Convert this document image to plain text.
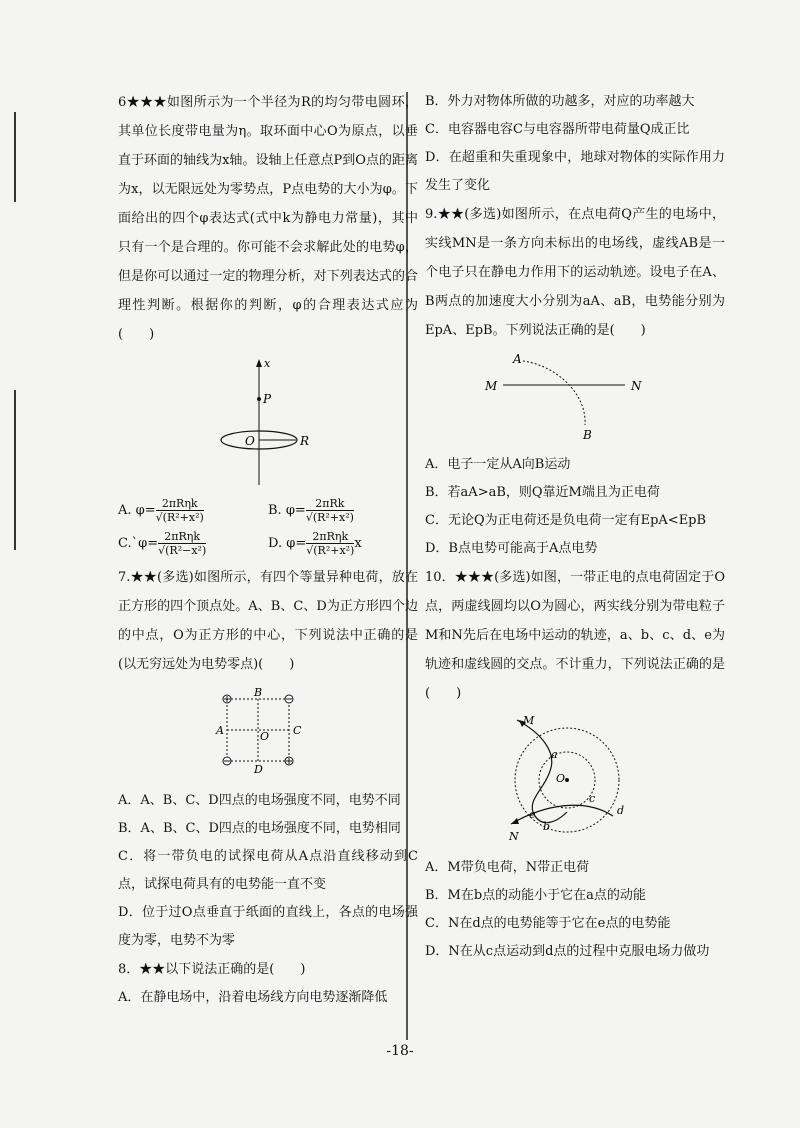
6★★★如图所示为一个半径为R的均匀带电圆环，其单位长度带电量为η。取环面中心O为原点，以垂直于环面的轴线为x轴。设轴上任意点P到O点的距离为x，以无限远处为零势点，P点电势的大小为φ。下面给出的四个φ表达式(式中k为静电力常量)，其中只有一个是合理的。你可能不会求解此处的电势φ，但是你可以通过一定的物理分析，对下列表达式的合理性判断。根据你的判断，φ的合理表达式应为(　　)

x
P
O	R
A. $\varphi= \frac{\text{2πRηk}}{\text{√(R²+x²)}}$	B. $\varphi= \frac{\text{2πRk}}{\text{√(R²+x²)}}$
C.`φ= $\frac{\text{2πRηk}}{\text{√(R²−x²)}}$	D. $\varphi= \frac{\text{2πRηk}}{\text{√(R²+x²)}}$ x

7.★★(多选)如图所示，有四个等量异种电荷，放在正方形的四个顶点处。A、B、C、D为正方形四个边的中点，O为正方形的中心，下列说法中正确的是(以无穷远处为电势零点)(　　)

B
A	C
D
O

A．A、B、C、D四点的电场强度不同，电势不同

B．A、B、C、D四点的电场强度不同，电势相同

C．将一带负电的试探电荷从A点沿直线移动到C点，试探电荷具有的电势能一直不变

D．位于过O点垂直于纸面的直线上，各点的电场强度为零，电势不为零

8．★★以下说法正确的是(　　)

A．在静电场中，沿着电场线方向电势逐渐降低

B．外力对物体所做的功越多，对应的功率越大

C．电容器电容C与电容器所带电荷量Q成正比

D．在超重和失重现象中，地球对物体的实际作用力发生了变化

9.★★(多选)如图所示，在点电荷Q产生的电场中，实线MN是一条方向未标出的电场线，虚线AB是一个电子只在静电力作用下的运动轨迹。设电子在A、B两点的加速度大小分别为aA、aB，电势能分别为EpA、EpB。下列说法正确的是(　　)

M	N
A
B

A．电子一定从A向B运动

B．若aA>aB，则Q靠近M端且为正电荷

C．无论Q为正电荷还是负电荷一定有EpA<EpB

D．B点电势可能高于A点电势

10．★★★(多选)如图，一带正电的点电荷固定于O点，两虚线圆均以O为圆心，两实线分别为带电粒子M和N先后在电场中运动的轨迹，a、b、c、d、e为轨迹和虚线圆的交点。不计重力，下列说法正确的是(　　)

O
M
a
b
N
e
c
d

A．M带负电荷，N带正电荷

B．M在b点的动能小于它在a点的动能

C．N在d点的电势能等于它在e点的电势能

D．N在从c点运动到d点的过程中克服电场力做功

-18-
